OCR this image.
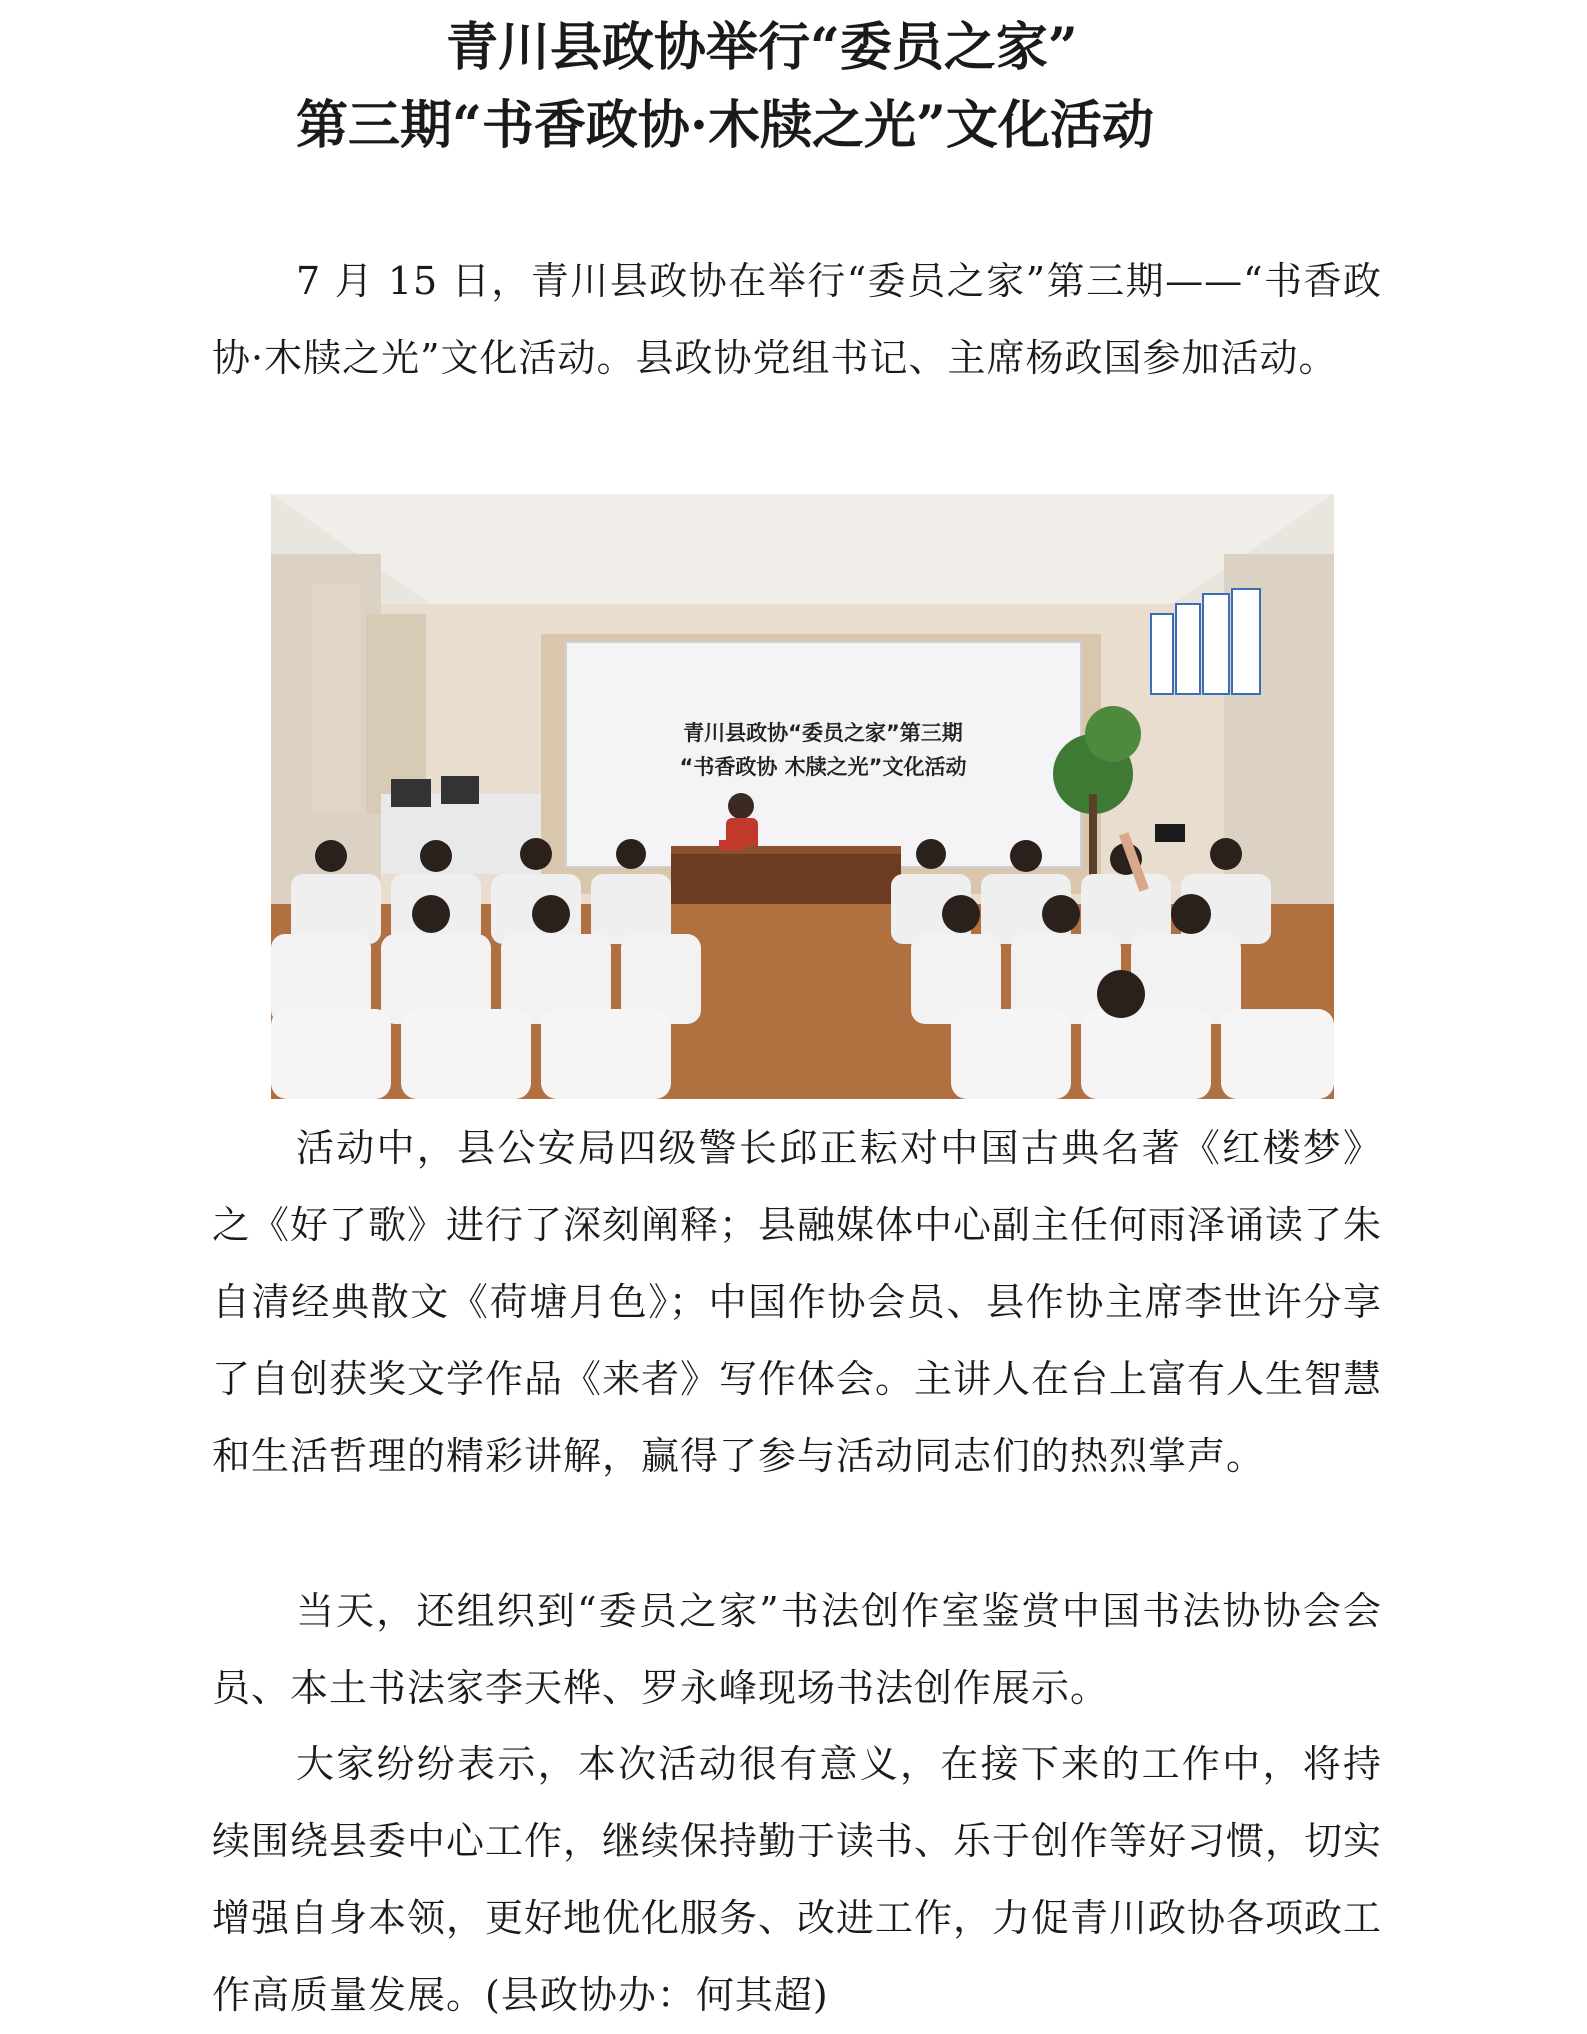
青川县政协举行“委员之家”
第三期“书香政协·木牍之光”文化活动

7 月 15 日，青川县政协在举行“委员之家”第三期——“书香政协·木牍之光”文化活动。县政协党组书记、主席杨政国参加活动。

青川县政协“委员之家”第三期
“书香政协 木牍之光”文化活动

活动中，县公安局四级警长邱正耘对中国古典名著《红楼梦》之《好了歌》进行了深刻阐释；县融媒体中心副主任何雨泽诵读了朱自清经典散文《荷塘月色》；中国作协会员、县作协主席李世许分享了自创获奖文学作品《来者》写作体会。主讲人在台上富有人生智慧和生活哲理的精彩讲解，赢得了参与活动同志们的热烈掌声。

当天，还组织到“委员之家”书法创作室鉴赏中国书法协协会会员、本土书法家李天桦、罗永峰现场书法创作展示。

大家纷纷表示，本次活动很有意义，在接下来的工作中，将持续围绕县委中心工作，继续保持勤于读书、乐于创作等好习惯，切实增强自身本领，更好地优化服务、改进工作，力促青川政协各项政工作高质量发展。(县政协办：何其超)
